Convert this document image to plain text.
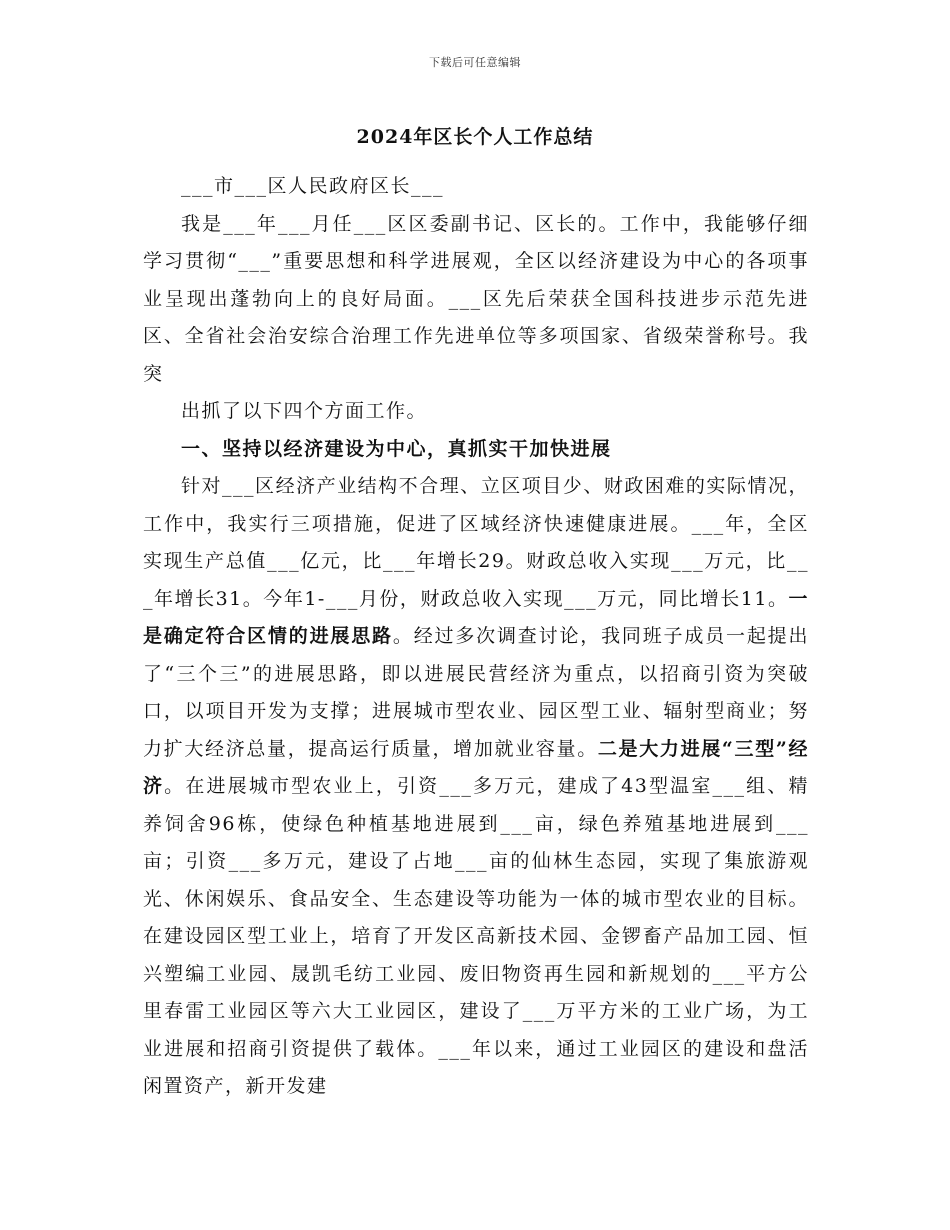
下载后可任意编辑
2024年区长个人工作总结

___市___区人民政府区长___

我是___年___月任___区区委副书记、区长的。工作中，我能够仔细学习贯彻“___”重要思想和科学进展观，全区以经济建设为中心的各项事业呈现出蓬勃向上的良好局面。___区先后荣获全国科技进步示范先进区、全省社会治安综合治理工作先进单位等多项国家、省级荣誉称号。我突

出抓了以下四个方面工作。

一、坚持以经济建设为中心，真抓实干加快进展

针对___区经济产业结构不合理、立区项目少、财政困难的实际情况，工作中，我实行三项措施，促进了区域经济快速健康进展。___年，全区实现生产总值___亿元，比___年增长29。财政总收入实现___万元，比___年增长31。今年1-___月份，财政总收入实现___万元，同比增长11。一是确定符合区情的进展思路。经过多次调查讨论，我同班子成员一起提出了“三个三”的进展思路，即以进展民营经济为重点，以招商引资为突破口，以项目开发为支撑；进展城市型农业、园区型工业、辐射型商业；努力扩大经济总量，提高运行质量，增加就业容量。二是大力进展“三型”经济。在进展城市型农业上，引资___多万元，建成了43型温室___组、精养饲舍96栋，使绿色种植基地进展到___亩，绿色养殖基地进展到___亩；引资___多万元，建设了占地___亩的仙林生态园，实现了集旅游观光、休闲娱乐、食品安全、生态建设等功能为一体的城市型农业的目标。在建设园区型工业上，培育了开发区高新技术园、金锣畜产品加工园、恒兴塑编工业园、晟凯毛纺工业园、废旧物资再生园和新规划的___平方公里春雷工业园区等六大工业园区，建设了___万平方米的工业广场，为工业进展和招商引资提供了载体。___年以来，通过工业园区的建设和盘活闲置资产，新开发建
